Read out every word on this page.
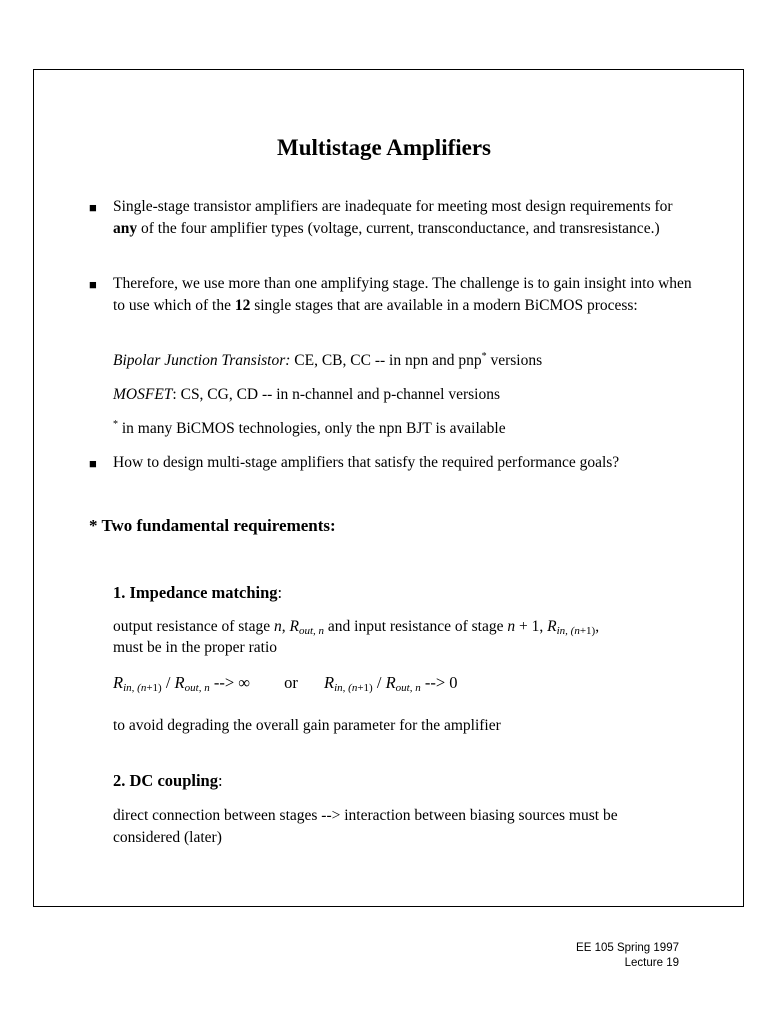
Multistage Amplifiers
■ Single-stage transistor amplifiers are inadequate for meeting most design requirements for any of the four amplifier types (voltage, current, transconductance, and transresistance.)
■ Therefore, we use more than one amplifying stage. The challenge is to gain insight into when to use which of the 12 single stages that are available in a modern BiCMOS process:
Bipolar Junction Transistor: CE, CB, CC -- in npn and pnp* versions
MOSFET: CS, CG, CD -- in n-channel and p-channel versions
* in many BiCMOS technologies, only the npn BJT is available
■ How to design multi-stage amplifiers that satisfy the required performance goals?
* Two fundamental requirements:
1. Impedance matching:
output resistance of stage n, $R_{out, n}$ and input resistance of stage n + 1, $R_{in, (n+1)}$,
must be in the proper ratio
$R_{in, (n+1)} / R_{out, n}$ --> ∞ or $R_{in, (n+1)} / R_{out, n}$ --> 0
to avoid degrading the overall gain parameter for the amplifier
2. DC coupling:
direct connection between stages --> interaction between biasing sources must be considered (later)
EE 105 Spring 1997
Lecture 19
